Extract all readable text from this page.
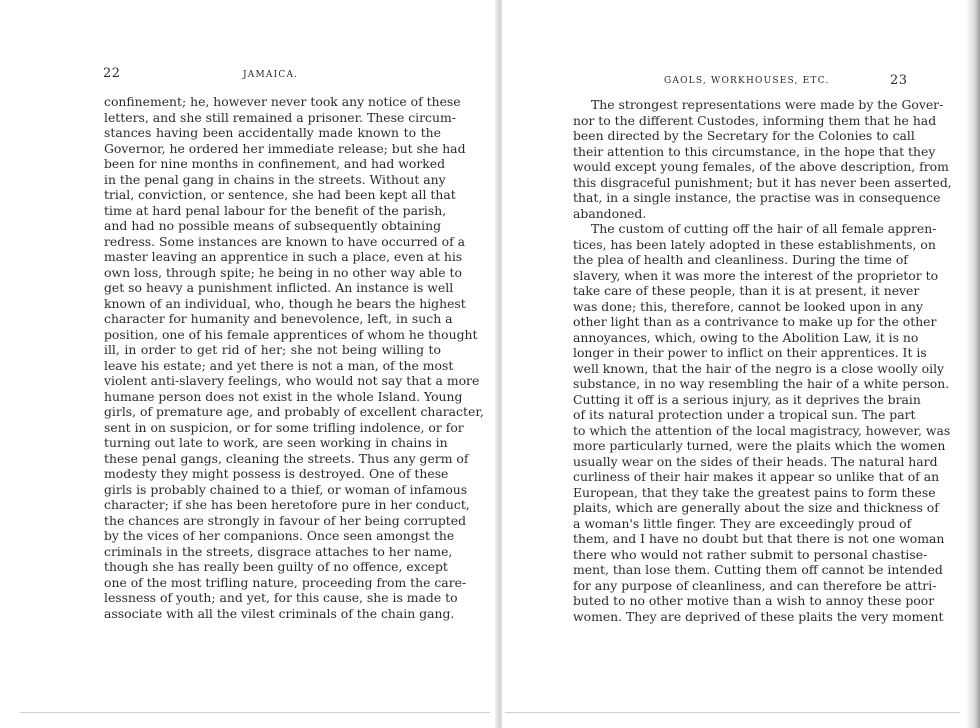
22	JAMAICA.
confinement; he, however never took any notice of these
letters, and she still remained a prisoner. These circum-
stances having been accidentally made known to the
Governor, he ordered her immediate release; but she had
been for nine months in confinement, and had worked
in the penal gang in chains in the streets. Without any
trial, conviction, or sentence, she had been kept all that
time at hard penal labour for the benefit of the parish,
and had no possible means of subsequently obtaining
redress. Some instances are known to have occurred of a
master leaving an apprentice in such a place, even at his
own loss, through spite; he being in no other way able to
get so heavy a punishment inflicted. An instance is well
known of an individual, who, though he bears the highest
character for humanity and benevolence, left, in such a
position, one of his female apprentices of whom he thought
ill, in order to get rid of her; she not being willing to
leave his estate; and yet there is not a man, of the most
violent anti-slavery feelings, who would not say that a more
humane person does not exist in the whole Island. Young
girls, of premature age, and probably of excellent character,
sent in on suspicion, or for some trifling indolence, or for
turning out late to work, are seen working in chains in
these penal gangs, cleaning the streets. Thus any germ of
modesty they might possess is destroyed. One of these
girls is probably chained to a thief, or woman of infamous
character; if she has been heretofore pure in her conduct,
the chances are strongly in favour of her being corrupted
by the vices of her companions. Once seen amongst the
criminals in the streets, disgrace attaches to her name,
though she has really been guilty of no offence, except
one of the most trifling nature, proceeding from the care-
lessness of youth; and yet, for this cause, she is made to
associate with all the vilest criminals of the chain gang.
GAOLS, WORKHOUSES, ETC.	23
The strongest representations were made by the Gover-
nor to the different Custodes, informing them that he had
been directed by the Secretary for the Colonies to call
their attention to this circumstance, in the hope that they
would except young females, of the above description, from
this disgraceful punishment; but it has never been asserted,
that, in a single instance, the practise was in consequence
abandoned.
The custom of cutting off the hair of all female appren-
tices, has been lately adopted in these establishments, on
the plea of health and cleanliness. During the time of
slavery, when it was more the interest of the proprietor to
take care of these people, than it is at present, it never
was done; this, therefore, cannot be looked upon in any
other light than as a contrivance to make up for the other
annoyances, which, owing to the Abolition Law, it is no
longer in their power to inflict on their apprentices. It is
well known, that the hair of the negro is a close woolly oily
substance, in no way resembling the hair of a white person.
Cutting it off is a serious injury, as it deprives the brain
of its natural protection under a tropical sun. The part
to which the attention of the local magistracy, however, was
more particularly turned, were the plaits which the women
usually wear on the sides of their heads. The natural hard
curliness of their hair makes it appear so unlike that of an
European, that they take the greatest pains to form these
plaits, which are generally about the size and thickness of
a woman's little finger. They are exceedingly proud of
them, and I have no doubt but that there is not one woman
there who would not rather submit to personal chastise-
ment, than lose them. Cutting them off cannot be intended
for any purpose of cleanliness, and can therefore be attri-
buted to no other motive than a wish to annoy these poor
women. They are deprived of these plaits the very moment
